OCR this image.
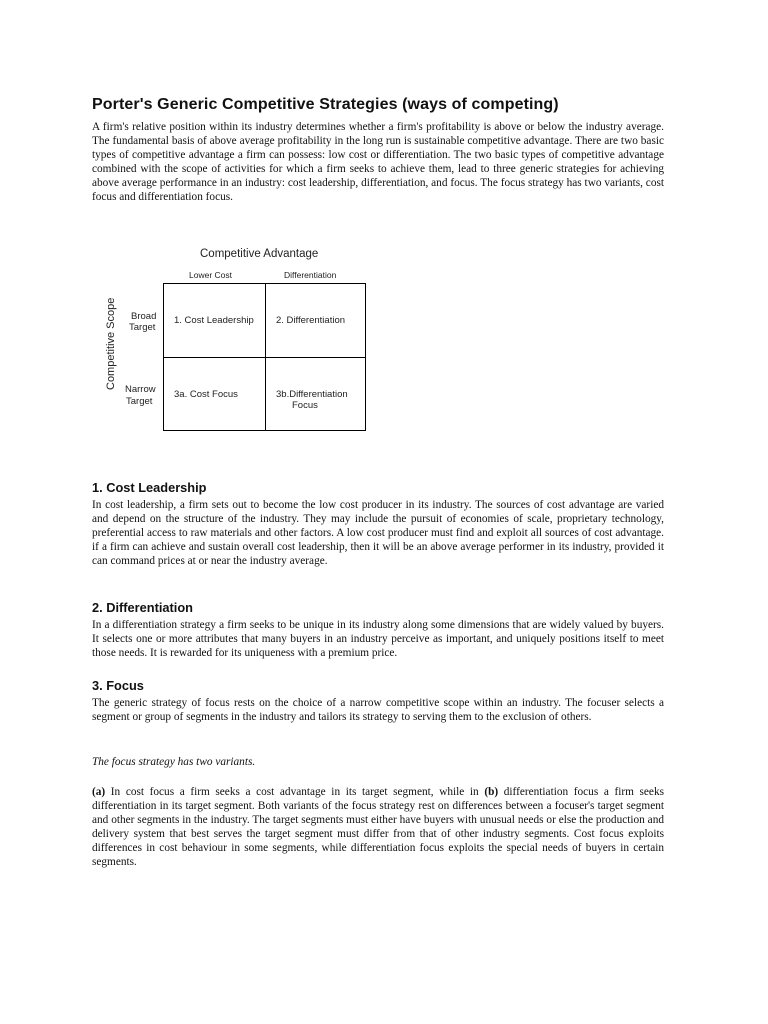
Porter's Generic Competitive Strategies (ways of competing)

A firm's relative position within its industry determines whether a firm's profitability is above or below the industry average. The fundamental basis of above average profitability in the long run is sustainable competitive advantage. There are two basic types of competitive advantage a firm can possess: low cost or differentiation. The two basic types of competitive advantage combined with the scope of activities for which a firm seeks to achieve them, lead to three generic strategies for achieving above average performance in an industry: cost leadership, differentiation, and focus. The focus strategy has two variants, cost focus and differentiation focus.

Competitive Advantage
Lower Cost	Differentiation
Competitive Scope Broad
Target
Narrow
Target
1. Cost Leadership 2. Differentiation
3a. Cost Focus	3b.Differentiation
Focus
1. Cost Leadership

In cost leadership, a firm sets out to become the low cost producer in its industry. The sources of cost advantage are varied and depend on the structure of the industry. They may include the pursuit of economies of scale, proprietary technology, preferential access to raw materials and other factors. A low cost producer must find and exploit all sources of cost advantage. if a firm can achieve and sustain overall cost leadership, then it will be an above average performer in its industry, provided it can command prices at or near the industry average.

2. Differentiation

In a differentiation strategy a firm seeks to be unique in its industry along some dimensions that are widely valued by buyers. It selects one or more attributes that many buyers in an industry perceive as important, and uniquely positions itself to meet those needs. It is rewarded for its uniqueness with a premium price.

3. Focus

The generic strategy of focus rests on the choice of a narrow competitive scope within an industry. The focuser selects a segment or group of segments in the industry and tailors its strategy to serving them to the exclusion of others.

The focus strategy has two variants.

(a) In cost focus a firm seeks a cost advantage in its target segment, while in (b) differentiation focus a firm seeks differentiation in its target segment. Both variants of the focus strategy rest on differences between a focuser's target segment and other segments in the industry. The target segments must either have buyers with unusual needs or else the production and delivery system that best serves the target segment must differ from that of other industry segments. Cost focus exploits differences in cost behaviour in some segments, while differentiation focus exploits the special needs of buyers in certain segments.
